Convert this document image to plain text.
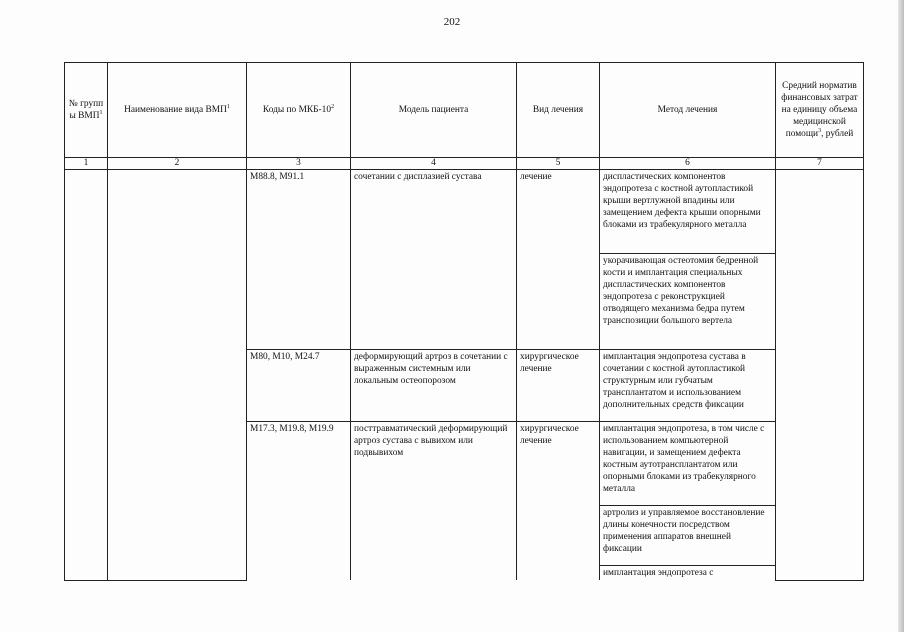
202
№ групп ы ВМП$^1$	Наименование вида ВМП$^1$	Коды по МКБ-$10^2$	Модель пациента	Вид лечения	Метод лечения	Средний норматив финансовых затрат на единицу объема медицинской помощи$^3$, рублей
1	2	3	4	5	6	7
		M88.8, M91.1	сочетании с дисплазией сустава	лечение	диспластических компонентов эндопротеза с костной аутопластикой крыши вертлужной впадины или замещением дефекта крыши опорными блоками из трабекулярного металла	
					укорачивающая остеотомия бедренной кости и имплантация специальных диспластических компонентов эндопротеза с реконструкцией отводящего механизма бедра путем транспозиции большого вертела	
		M80, M10, M24.7	деформирующий артроз в сочетании с выраженным системным или локальным остеопорозом	хирургическое лечение	имплантация эндопротеза сустава в сочетании с костной аутопластикой структурным или губчатым трансплантатом и использованием дополнительных средств фиксации	
		M17.3, M19.8, M19.9	посттравматический деформирующий артроз сустава с вывихом или подвывихом	хирургическое лечение	имплантация эндопротеза, в том числе с использованием компьютерной навигации, и замещением дефекта костным аутотрансплантатом или опорными блоками из трабекулярного металла	
					артролиз и управляемое восстановление длины конечности посредством применения аппаратов внешней фиксации	
					имплантация эндопротеза с	
